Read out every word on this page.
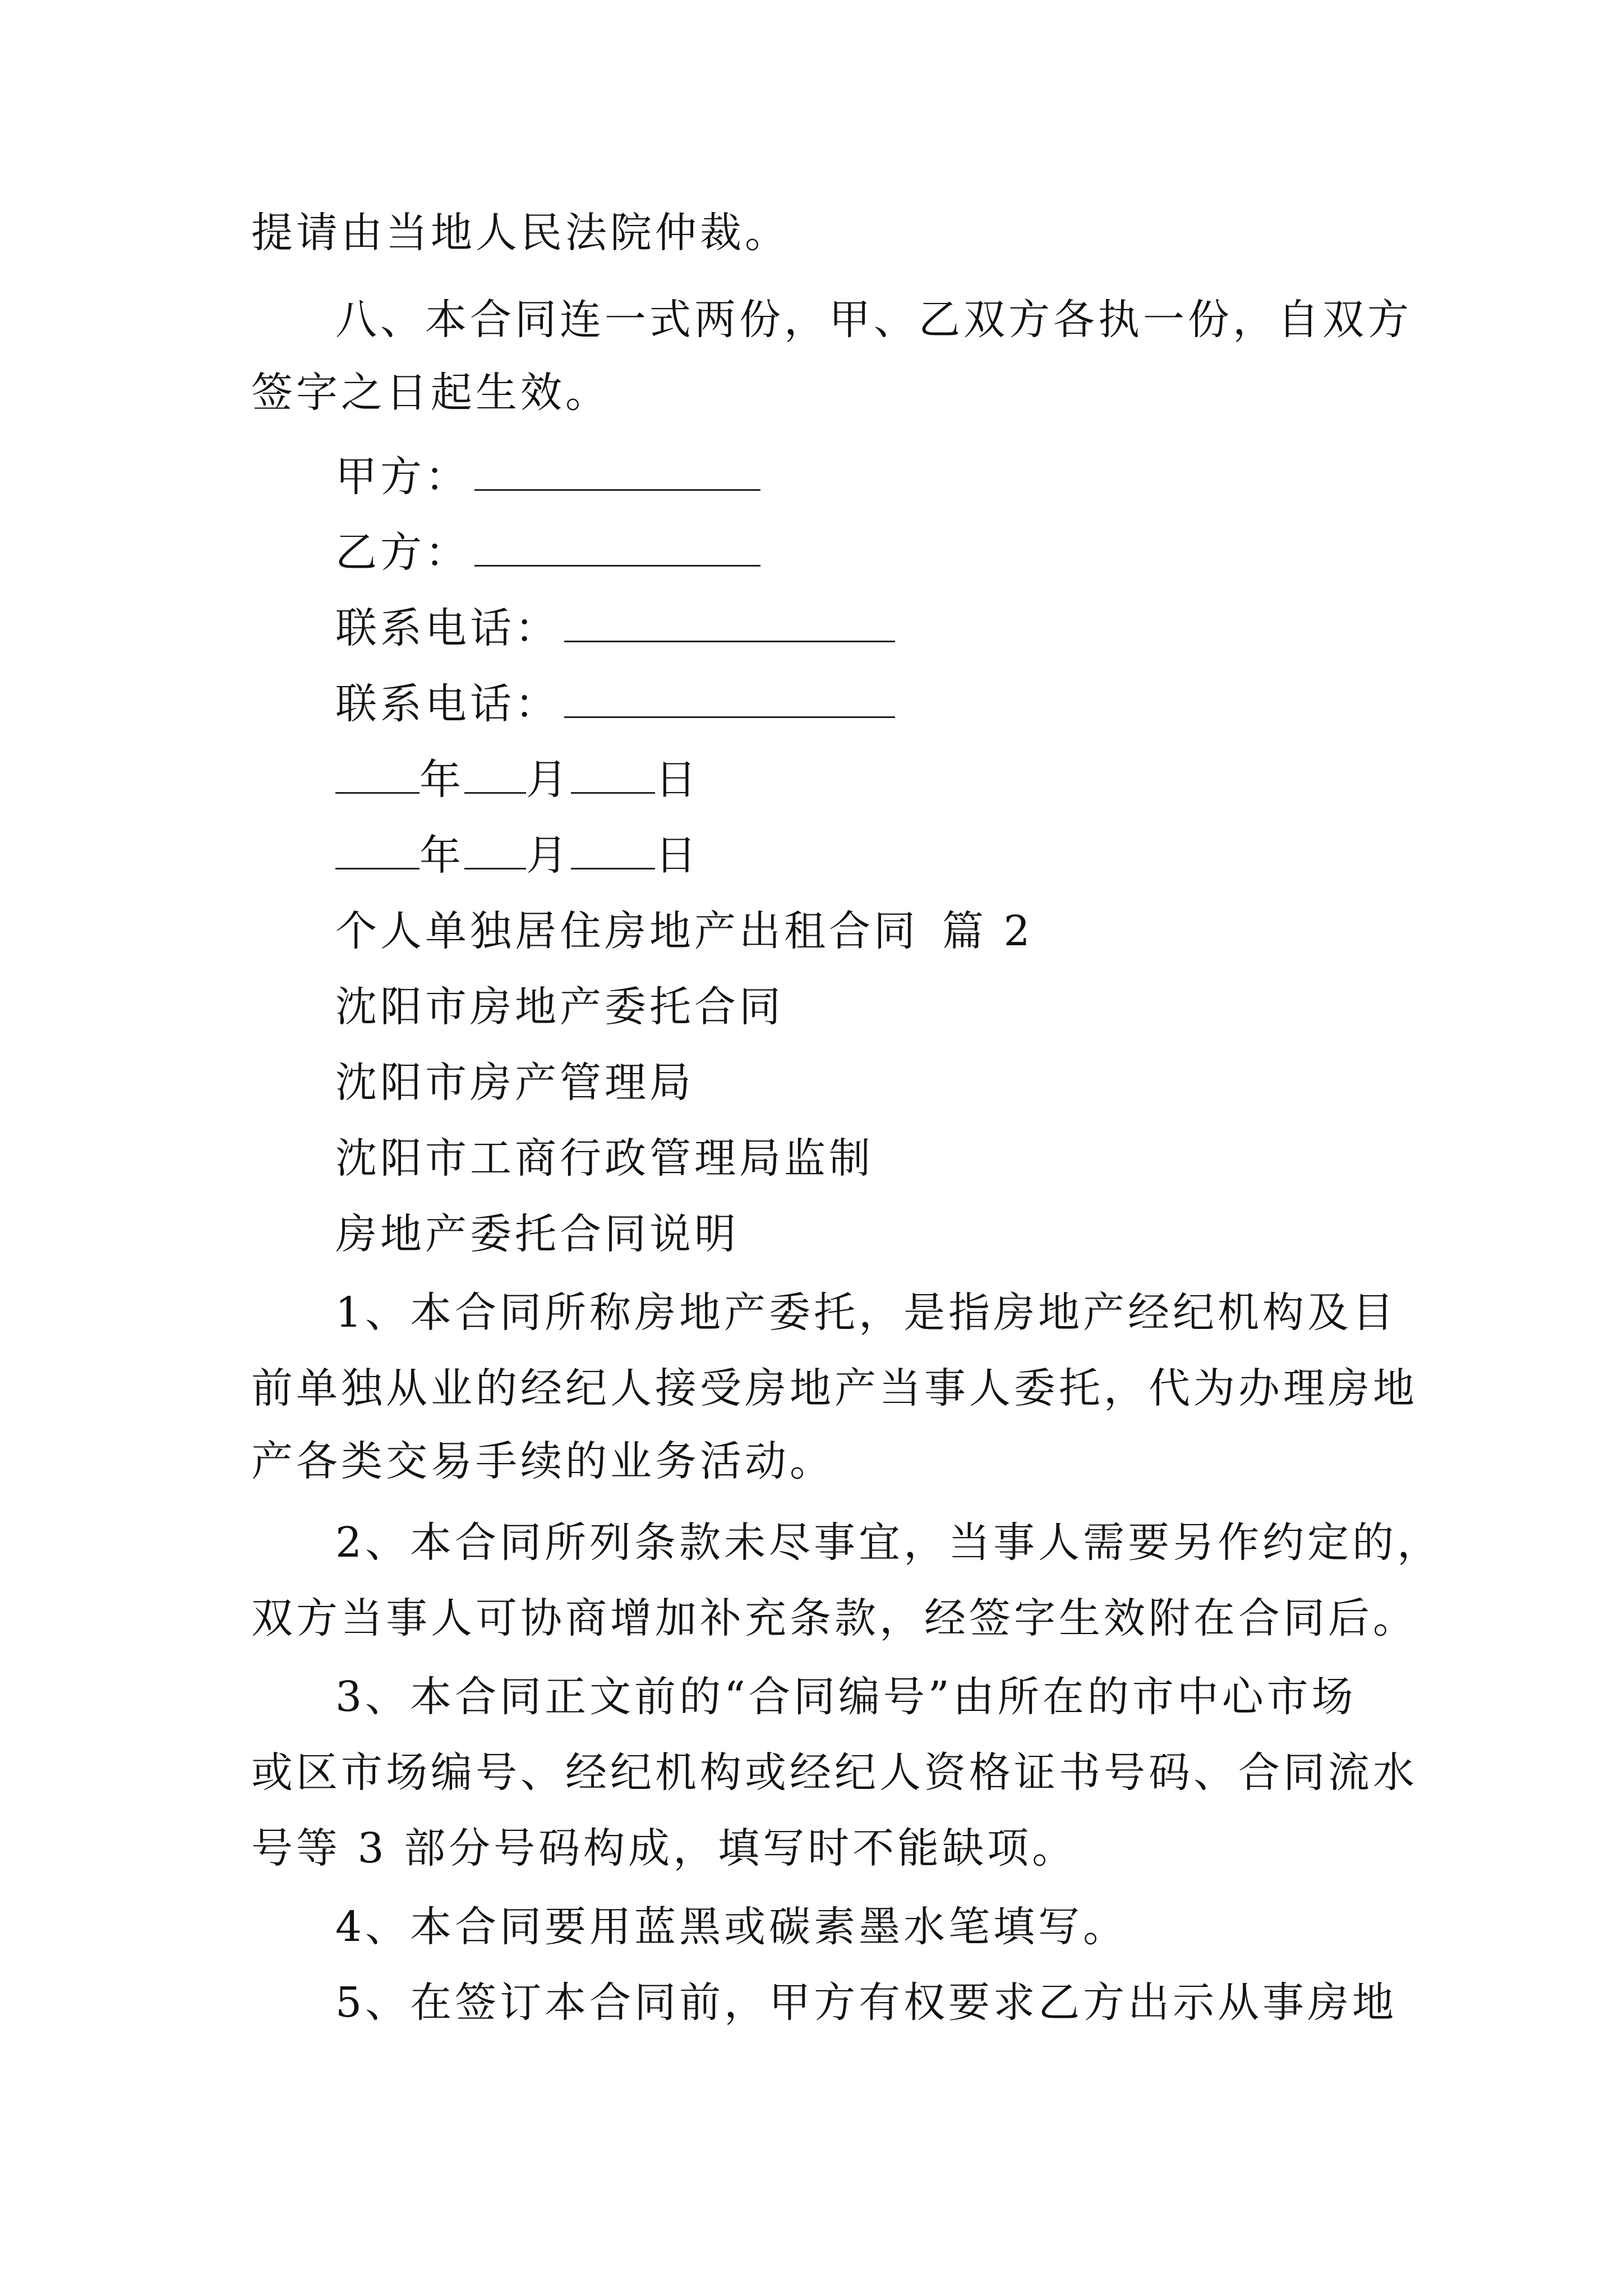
提请由当地人民法院仲裁。
八、本合同连一式两份，甲、乙双方各执一份，自双方
签字之日起生效。
甲方：
乙方：
联系电话：
联系电话：
年 月 日
年 月 日
个人单独居住房地产出租合同 篇 2
沈阳市房地产委托合同
沈阳市房产管理局
沈阳市工商行政管理局监制
房地产委托合同说明
1、本合同所称房地产委托，是指房地产经纪机构及目
前单独从业的经纪人接受房地产当事人委托，代为办理房地
产各类交易手续的业务活动。
2、本合同所列条款未尽事宜，当事人需要另作约定的，
双方当事人可协商增加补充条款，经签字生效附在合同后。
3、本合同正文前的“合同编号”由所在的市中心市场
或区市场编号、经纪机构或经纪人资格证书号码、合同流水
号等 3 部分号码构成，填写时不能缺项。
4、本合同要用蓝黑或碳素墨水笔填写。
5、在签订本合同前，甲方有权要求乙方出示从事房地
